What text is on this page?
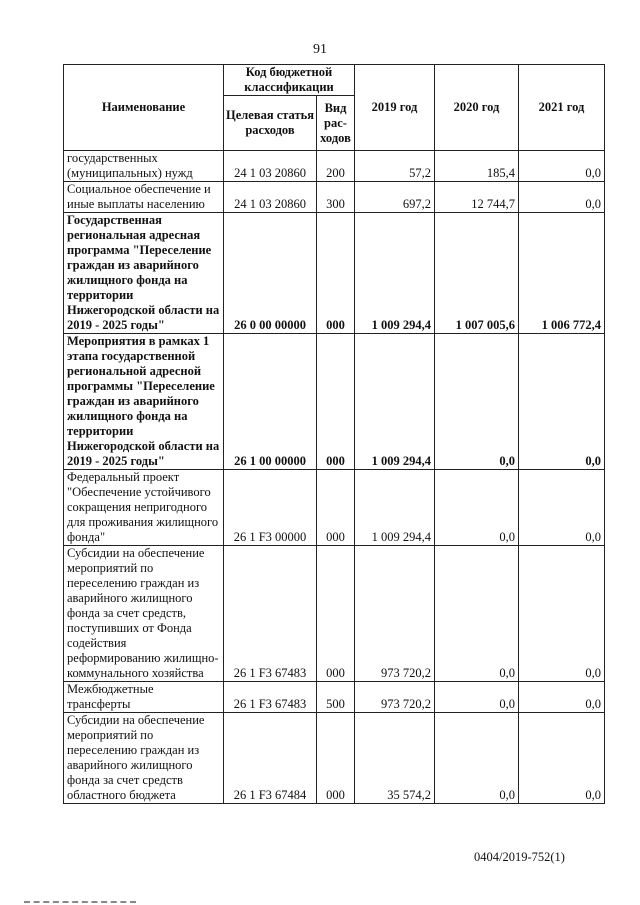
91
Наименование	Код бюджетной классификации		2019 год	2020 год	2021 год
	Целевая статья расходов	Вид рас- ходов			
государственных (муниципальных) нужд	24 1 03 20860	200	57,2	185,4	0,0
Социальное обеспечение и иные выплаты населению	24 1 03 20860	300	697,2	12 744,7	0,0
Государственная региональная адресная программа "Переселение граждан из аварийного жилищного фонда на территории Нижегородской области на 2019 - 2025 годы"	26 0 00 00000	000	1 009 294,4	1 007 005,6	1 006 772,4
Мероприятия в рамках 1 этапа государственной региональной адресной программы "Переселение граждан из аварийного жилищного фонда на территории Нижегородской области на 2019 - 2025 годы"	26 1 00 00000	000	1 009 294,4	0,0	0,0
Федеральный проект "Обеспечение устойчивого сокращения непригодного для проживания жилищного фонда"	26 1 F3 00000	000	1 009 294,4	0,0	0,0
Субсидии на обеспечение мероприятий по переселению граждан из аварийного жилищного фонда за счет средств, поступивших от Фонда содействия реформированию жилищно-коммунального хозяйства	26 1 F3 67483	000	973 720,2	0,0	0,0
Межбюджетные трансферты	26 1 F3 67483	500	973 720,2	0,0	0,0
Субсидии на обеспечение мероприятий по переселению граждан из аварийного жилищного фонда за счет средств областного бюджета	26 1 F3 67484	000	35 574,2	0,0	0,0
0404/2019-752(1)
